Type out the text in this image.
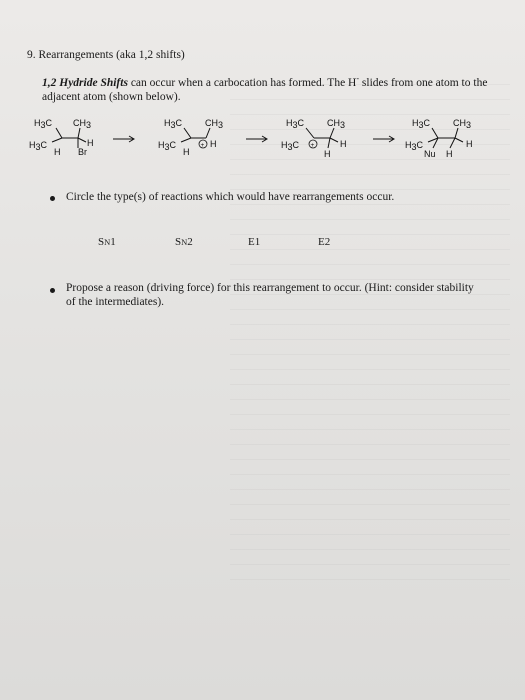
9. Rearrangements (aka 1,2 shifts)
1,2 Hydride Shifts can occur when a carbocation has formed. The H- slides from one atom to the adjacent atom (shown below).
H3C CH3
H3C
H
H
Br
H3C	CH3
H3C
H
+ H
H3C	CH3
H3C +	H
H
H3C	CH3
H3C	H
Nu H
Circle the type(s) of reactions which would have rearrangements occur.
SN1	SN2	E1	E2
Propose a reason (driving force) for this rearrangement to occur. (Hint: consider stability of the intermediates).
